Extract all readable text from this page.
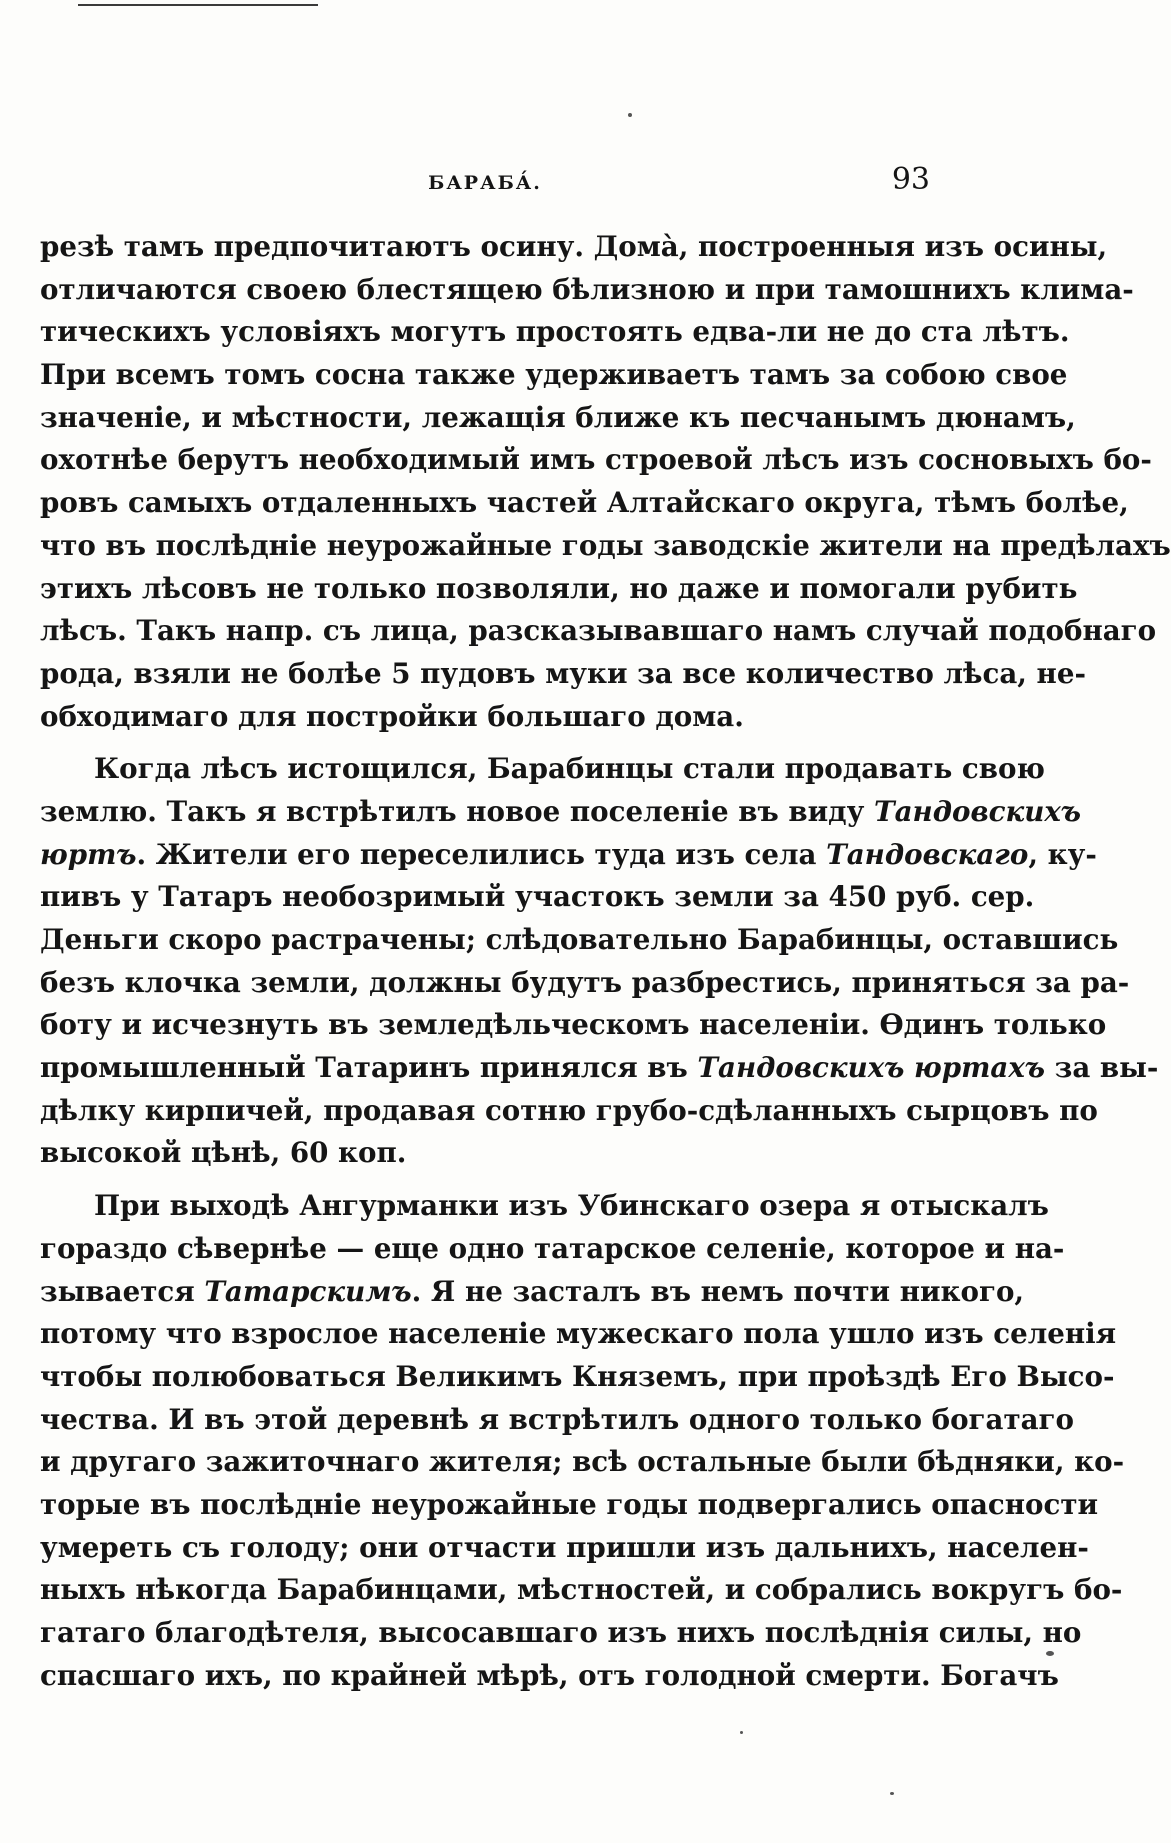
БАРАБА́.	93
резѣ тамъ предпочитаютъ осину. Домà, построенныя изъ осины,
отличаются своею блестящею бѣлизною и при тамошнихъ клима-
тическихъ условіяхъ могутъ простоять едва-ли не до ста лѣтъ.
При всемъ томъ сосна также удерживаетъ тамъ за собою свое
значеніе, и мѣстности, лежащія ближе къ песчанымъ дюнамъ,
охотнѣе берутъ необходимый имъ строевой лѣсъ изъ сосновыхъ бо-
ровъ самыхъ отдаленныхъ частей Алтайскаго округа, тѣмъ болѣе,
что въ послѣдніе неурожайные годы заводскіе жители на предѣлахъ
этихъ лѣсовъ не только позволяли, но даже и помогали рубить
лѣсъ. Такъ напр. съ лица, разсказывавшаго намъ случай подобнаго
рода, взяли не болѣе 5 пудовъ муки за все количество лѣса, не-
обходимаго для постройки большаго дома.
Когда лѣсъ истощился, Барабинцы стали продавать свою
землю. Такъ я встрѣтилъ новое поселеніе въ виду Тандовскихъ
юртъ. Жители его переселились туда изъ села Тандовскаго, ку-
пивъ у Татаръ необозримый участокъ земли за 450 руб. сер.
Деньги скоро растрачены; слѣдовательно Барабинцы, оставшись
безъ клочка земли, должны будутъ разбрестись, приняться за ра-
боту и исчезнуть въ земледѣльческомъ населеніи. Ѳдинъ только
промышленный Татаринъ принялся въ Тандовскихъ юртахъ за вы-
дѣлку кирпичей, продавая сотню грубо-сдѣланныхъ сырцовъ по
высокой цѣнѣ, 60 коп.
При выходѣ Ангурманки изъ Убинскаго озера я отыскалъ
гораздо сѣвернѣе — еще одно татарское селеніе, которое и на-
зывается Татарскимъ. Я не засталъ въ немъ почти никого,
потому что взрослое населеніе мужескаго пола ушло изъ селенія
чтобы полюбоваться Великимъ Княземъ, при проѣздѣ Его Высо-
чества. И въ этой деревнѣ я встрѣтилъ одного только богатаго
и другаго зажиточнаго жителя; всѣ остальные были бѣдняки, ко-
торые въ послѣдніе неурожайные годы подвергались опасности
умереть съ голоду; они отчасти пришли изъ дальнихъ, населен-
ныхъ нѣкогда Барабинцами, мѣстностей, и собрались вокругъ бо-
гатаго благодѣтеля, высосавшаго изъ нихъ послѣднія силы, но
спасшаго ихъ, по крайней мѣрѣ, отъ голодной смерти. Богачъ
